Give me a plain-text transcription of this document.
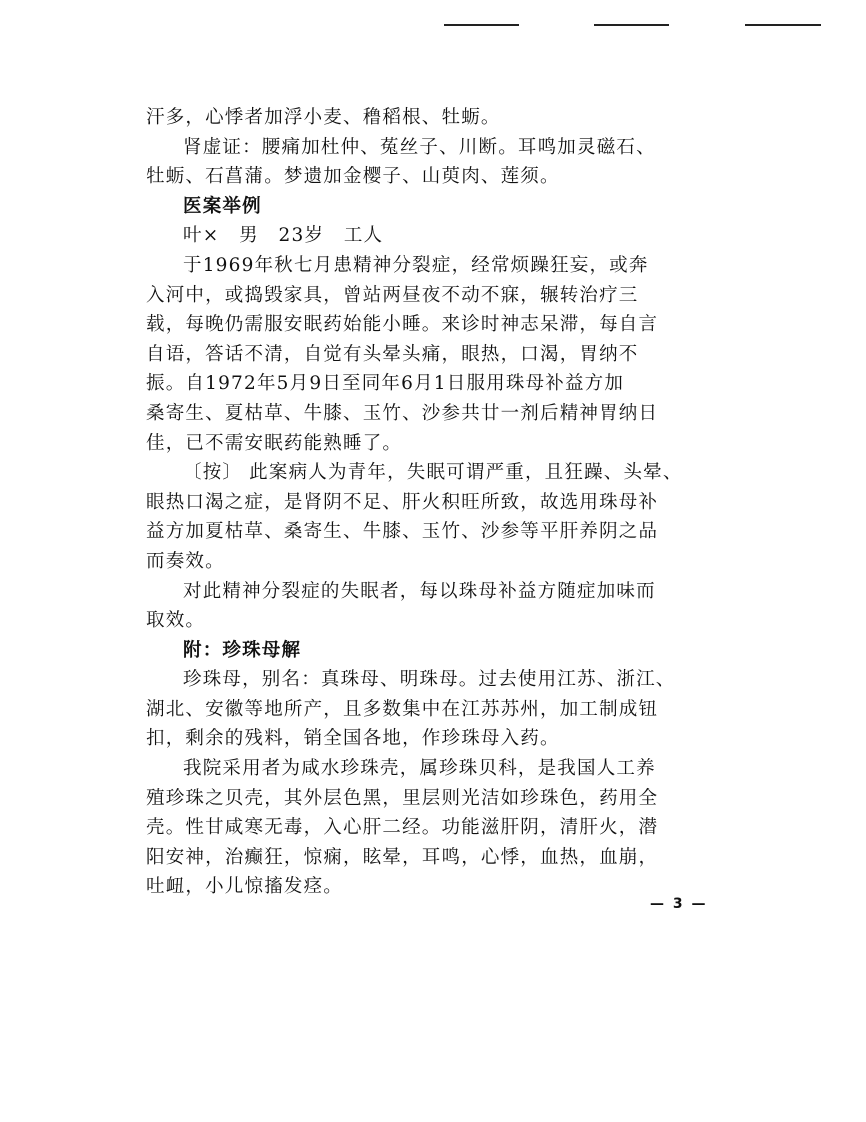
汗多，心悸者加浮小麦、穞稻根、牡蛎。
肾虚证：腰痛加杜仲、菟丝子、川断。耳鸣加灵磁石、
牡蛎、石菖蒲。梦遗加金樱子、山萸肉、莲须。
医案举例
叶×　男　23岁　工人
于1969年秋七月患精神分裂症，经常烦躁狂妄，或奔
入河中，或捣毁家具，曾站两昼夜不动不寐，辗转治疗三
载，每晚仍需服安眠药始能小睡。来诊时神志呆滞，每自言
自语，答话不清，自觉有头晕头痛，眼热，口渴，胃纳不
振。自1972年5月9日至同年6月1日服用珠母补益方加
桑寄生、夏枯草、牛膝、玉竹、沙参共廿一剂后精神胃纳日
佳，已不需安眠药能熟睡了。
〔按〕 此案病人为青年，失眠可谓严重，且狂躁、头晕、
眼热口渴之症，是肾阴不足、肝火积旺所致，故选用珠母补
益方加夏枯草、桑寄生、牛膝、玉竹、沙参等平肝养阴之品
而奏效。
对此精神分裂症的失眠者，每以珠母补益方随症加味而
取效。
附：珍珠母解
珍珠母，别名：真珠母、明珠母。过去使用江苏、浙江、
湖北、安徽等地所产，且多数集中在江苏苏州，加工制成钮
扣，剩余的残料，销全国各地，作珍珠母入药。
我院采用者为咸水珍珠壳，属珍珠贝科，是我国人工养
殖珍珠之贝壳，其外层色黑，里层则光洁如珍珠色，药用全
壳。性甘咸寒无毒，入心肝二经。功能滋肝阴，清肝火，潜
阳安神，治癫狂，惊痫，眩晕，耳鸣，心悸，血热，血崩，
吐衄，小儿惊搐发痉。
— 3 —
